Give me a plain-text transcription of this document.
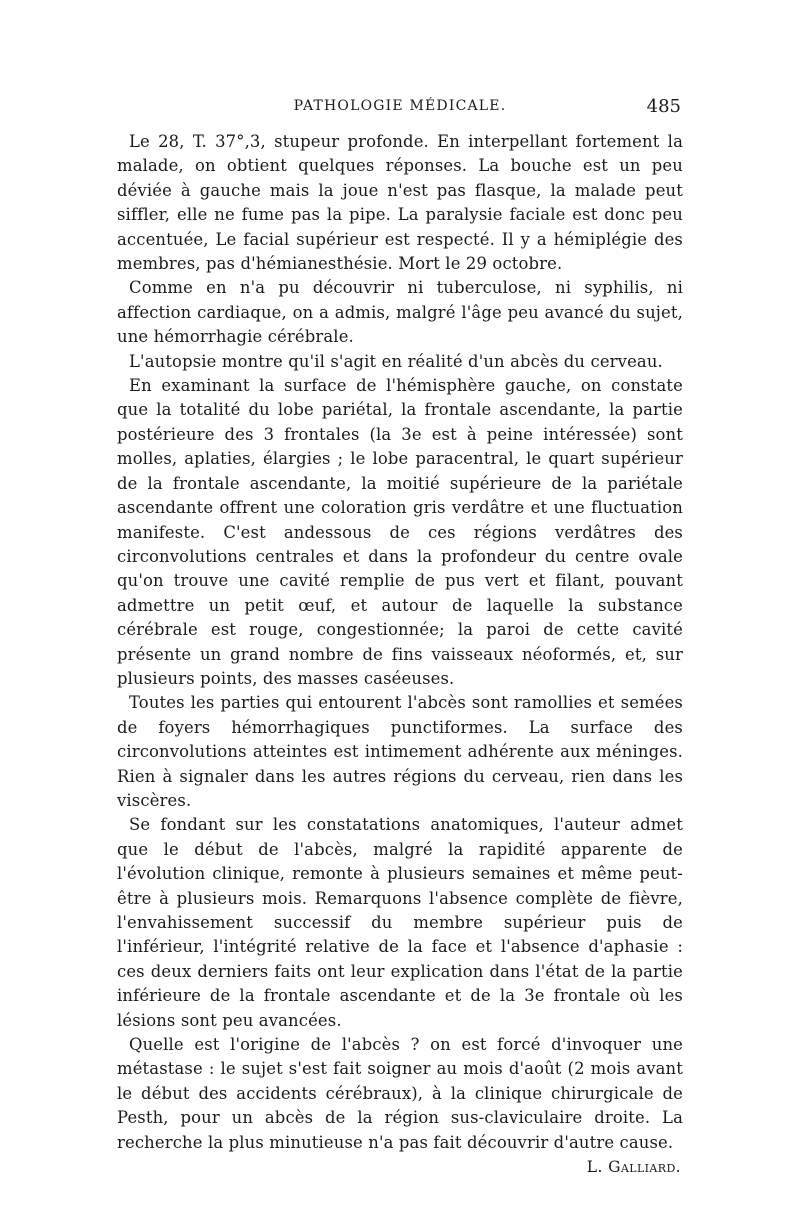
PATHOLOGIE MÉDICALE.	485

Le 28, T. 37°,3, stupeur profonde. En interpellant fortement la malade, on obtient quelques réponses. La bouche est un peu déviée à gauche mais la joue n'est pas flasque, la malade peut siffler, elle ne fume pas la pipe. La paralysie faciale est donc peu accentuée, Le facial supérieur est respecté. Il y a hémiplégie des membres, pas d'hémianesthésie. Mort le 29 octobre.

Comme en n'a pu découvrir ni tuberculose, ni syphilis, ni affection cardiaque, on a admis, malgré l'âge peu avancé du sujet, une hémorrhagie cérébrale.

L'autopsie montre qu'il s'agit en réalité d'un abcès du cerveau.

En examinant la surface de l'hémisphère gauche, on constate que la totalité du lobe pariétal, la frontale ascendante, la partie postérieure des 3 frontales (la 3e est à peine intéressée) sont molles, aplaties, élargies ; le lobe paracentral, le quart supérieur de la frontale ascendante, la moitié supérieure de la pariétale ascendante offrent une coloration gris verdâtre et une fluctuation manifeste. C'est andessous de ces régions verdâtres des circonvolutions centrales et dans la profondeur du centre ovale qu'on trouve une cavité remplie de pus vert et filant, pouvant admettre un petit œuf, et autour de laquelle la substance cérébrale est rouge, congestionnée; la paroi de cette cavité présente un grand nombre de fins vaisseaux néoformés, et, sur plusieurs points, des masses caséeuses.

Toutes les parties qui entourent l'abcès sont ramollies et semées de foyers hémorrhagiques punctiformes. La surface des circonvolutions atteintes est intimement adhérente aux méninges. Rien à signaler dans les autres régions du cerveau, rien dans les viscères.

Se fondant sur les constatations anatomiques, l'auteur admet que le début de l'abcès, malgré la rapidité apparente de l'évolution clinique, remonte à plusieurs semaines et même peut-être à plusieurs mois. Remarquons l'absence complète de fièvre, l'envahissement successif du membre supérieur puis de l'inférieur, l'intégrité relative de la face et l'absence d'aphasie : ces deux derniers faits ont leur explication dans l'état de la partie inférieure de la frontale ascendante et de la 3e frontale où les lésions sont peu avancées.

Quelle est l'origine de l'abcès ? on est forcé d'invoquer une métastase : le sujet s'est fait soigner au mois d'août (2 mois avant le début des accidents cérébraux), à la clinique chirurgicale de Pesth, pour un abcès de la région sus-claviculaire droite. La recherche la plus minutieuse n'a pas fait découvrir d'autre cause.

L. Galliard.
